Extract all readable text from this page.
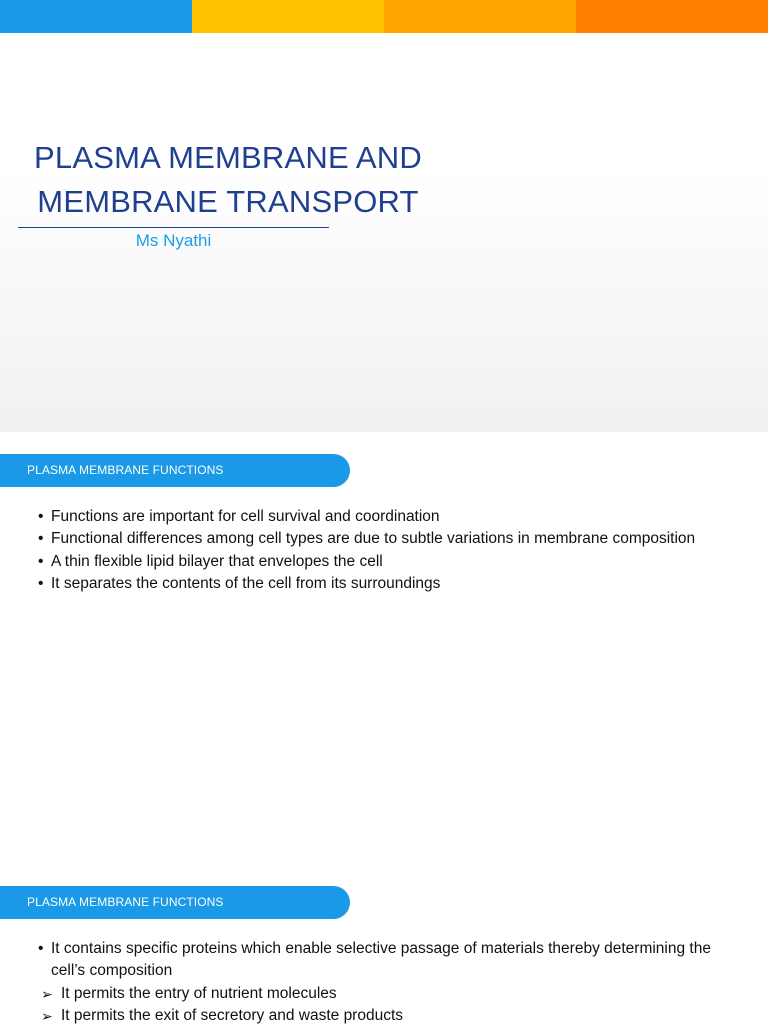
PLASMA MEMBRANE AND
MEMBRANE TRANSPORT
Ms Nyathi
PLASMA MEMBRANE FUNCTIONS
• Functions are important for cell survival and coordination
• Functional differences among cell types are due to subtle variations in membrane composition
• A thin flexible lipid bilayer that envelopes the cell
• It separates the contents of the cell from its surroundings
PLASMA MEMBRANE FUNCTIONS
• It contains specific proteins which enable selective passage of materials thereby determining the cell’s composition
➢ It permits the entry of nutrient molecules
➢ It permits the exit of secretory and waste products
